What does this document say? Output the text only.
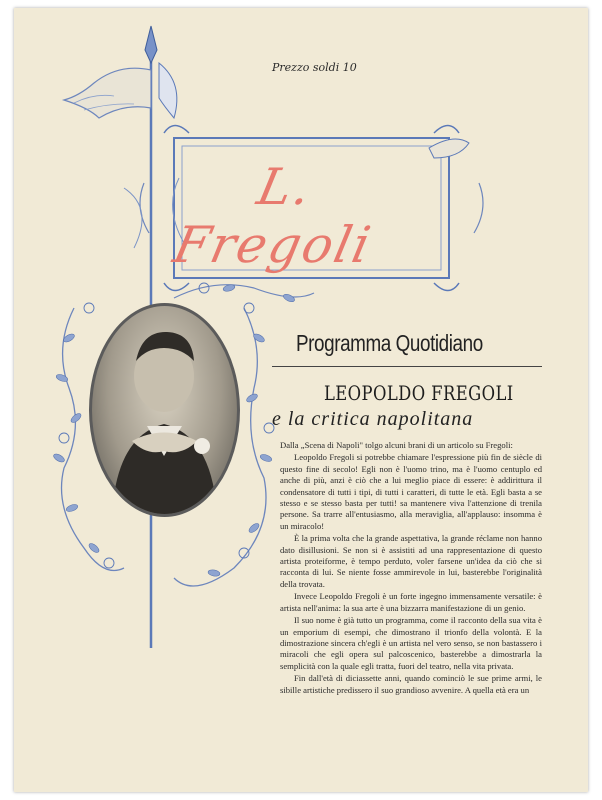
Prezzo soldi 10
L. Fregoli
Programma Quotidiano
LEOPOLDO FREGOLI
e la critica napolitana

Dalla „Scena di Napoli" tolgo alcuni brani di un articolo su Fregoli:

Leopoldo Fregoli si potrebbe chiamare l'espressione più fin de siècle di questo fine di secolo! Egli non è l'uomo trino, ma è l'uomo centuplo ed anche di più, anzi è ciò che a lui meglio piace di essere: è addirittura il condensatore di tutti i tipi, di tutti i caratteri, di tutte le età. Egli basta a se stesso e se stesso basta per tutti! sa mantenere viva l'attenzione di trenila persone. Sa trarre all'entusiasmo, alla meraviglia, all'applauso: insomma è un miracolo!

È la prima volta che la grande aspettativa, la grande réclame non hanno dato disillusioni. Se non si è assistiti ad una rappresentazione di questo artista proteiforme, è tempo perduto, voler farsene un'idea da ciò che si racconta di lui. Se niente fosse ammirevole in lui, basterebbe l'originalità della trovata.

Invece Leopoldo Fregoli è un forte ingegno immensamente versatile: è artista nell'anima: la sua arte è una bizzarra manifestazione di un genio.

Il suo nome è già tutto un programma, come il racconto della sua vita è un emporium di esempi, che dimostrano il trionfo della volontà. E la dimostrazione sincera ch'egli è un artista nel vero senso, se non bastassero i miracoli che egli opera sul palcoscenico, basterebbe a dimostrarla la semplicità con la quale egli tratta, fuori del teatro, nella vita privata.

Fin dall'età di diciassette anni, quando cominciò le sue prime armi, le sibille artistiche predissero il suo grandioso avvenire. A quella età era un
